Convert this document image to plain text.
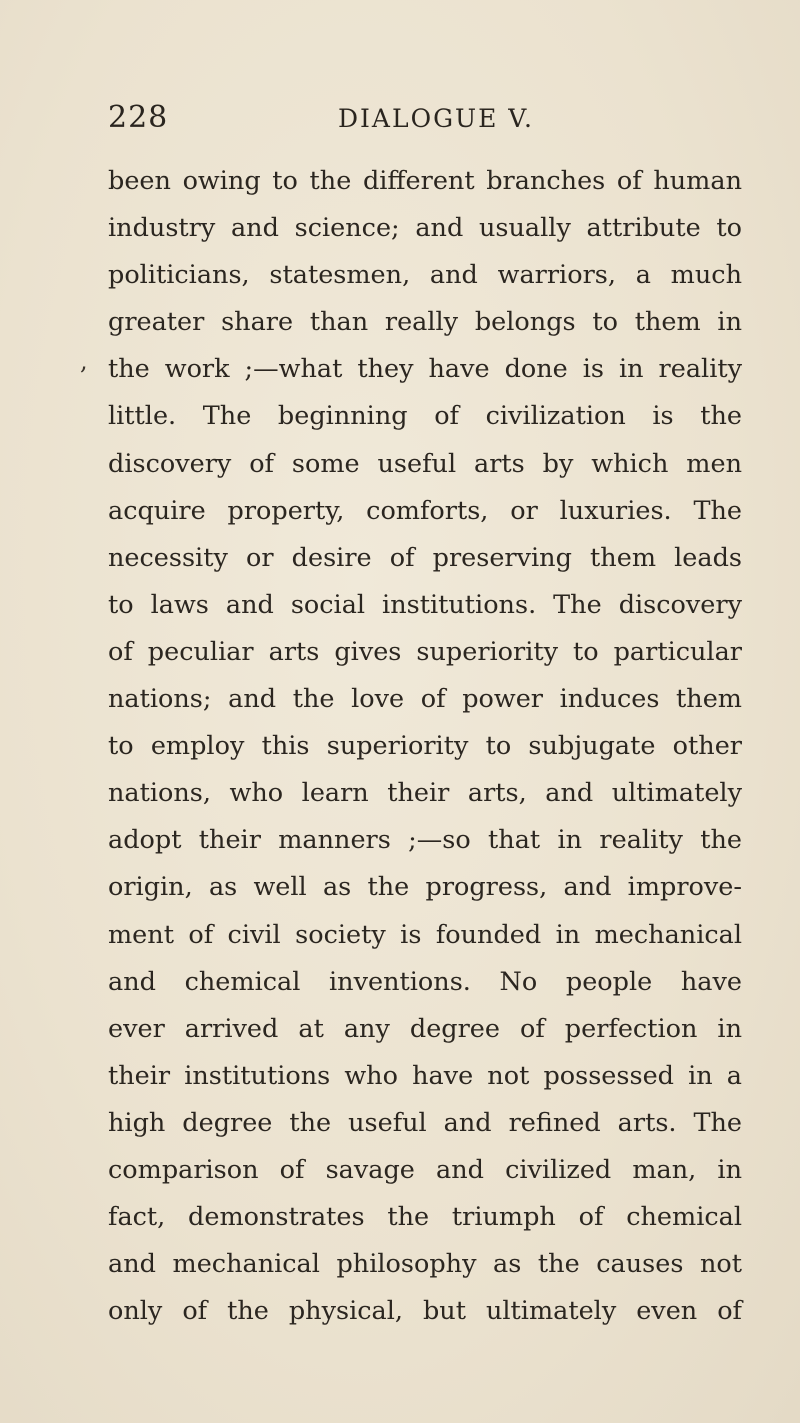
228	DIALOGUE V.
,
been owing to the different branches of human
industry and science; and usually attribute to
politicians, statesmen, and warriors, a much
greater share than really belongs to them in
the work ;—what they have done is in reality
little. The beginning of civilization is the
discovery of some useful arts by which men
acquire property, comforts, or luxuries. The
necessity or desire of preserving them leads
to laws and social institutions. The discovery
of peculiar arts gives superiority to particular
nations; and the love of power induces them
to employ this superiority to subjugate other
nations, who learn their arts, and ultimately
adopt their manners ;—so that in reality the
origin, as well as the progress, and improve-
ment of civil society is founded in mechanical
and chemical inventions. No people have
ever arrived at any degree of perfection in
their institutions who have not possessed in a
high degree the useful and refined arts. The
comparison of savage and civilized man, in
fact, demonstrates the triumph of chemical
and mechanical philosophy as the causes not
only of the physical, but ultimately even of
